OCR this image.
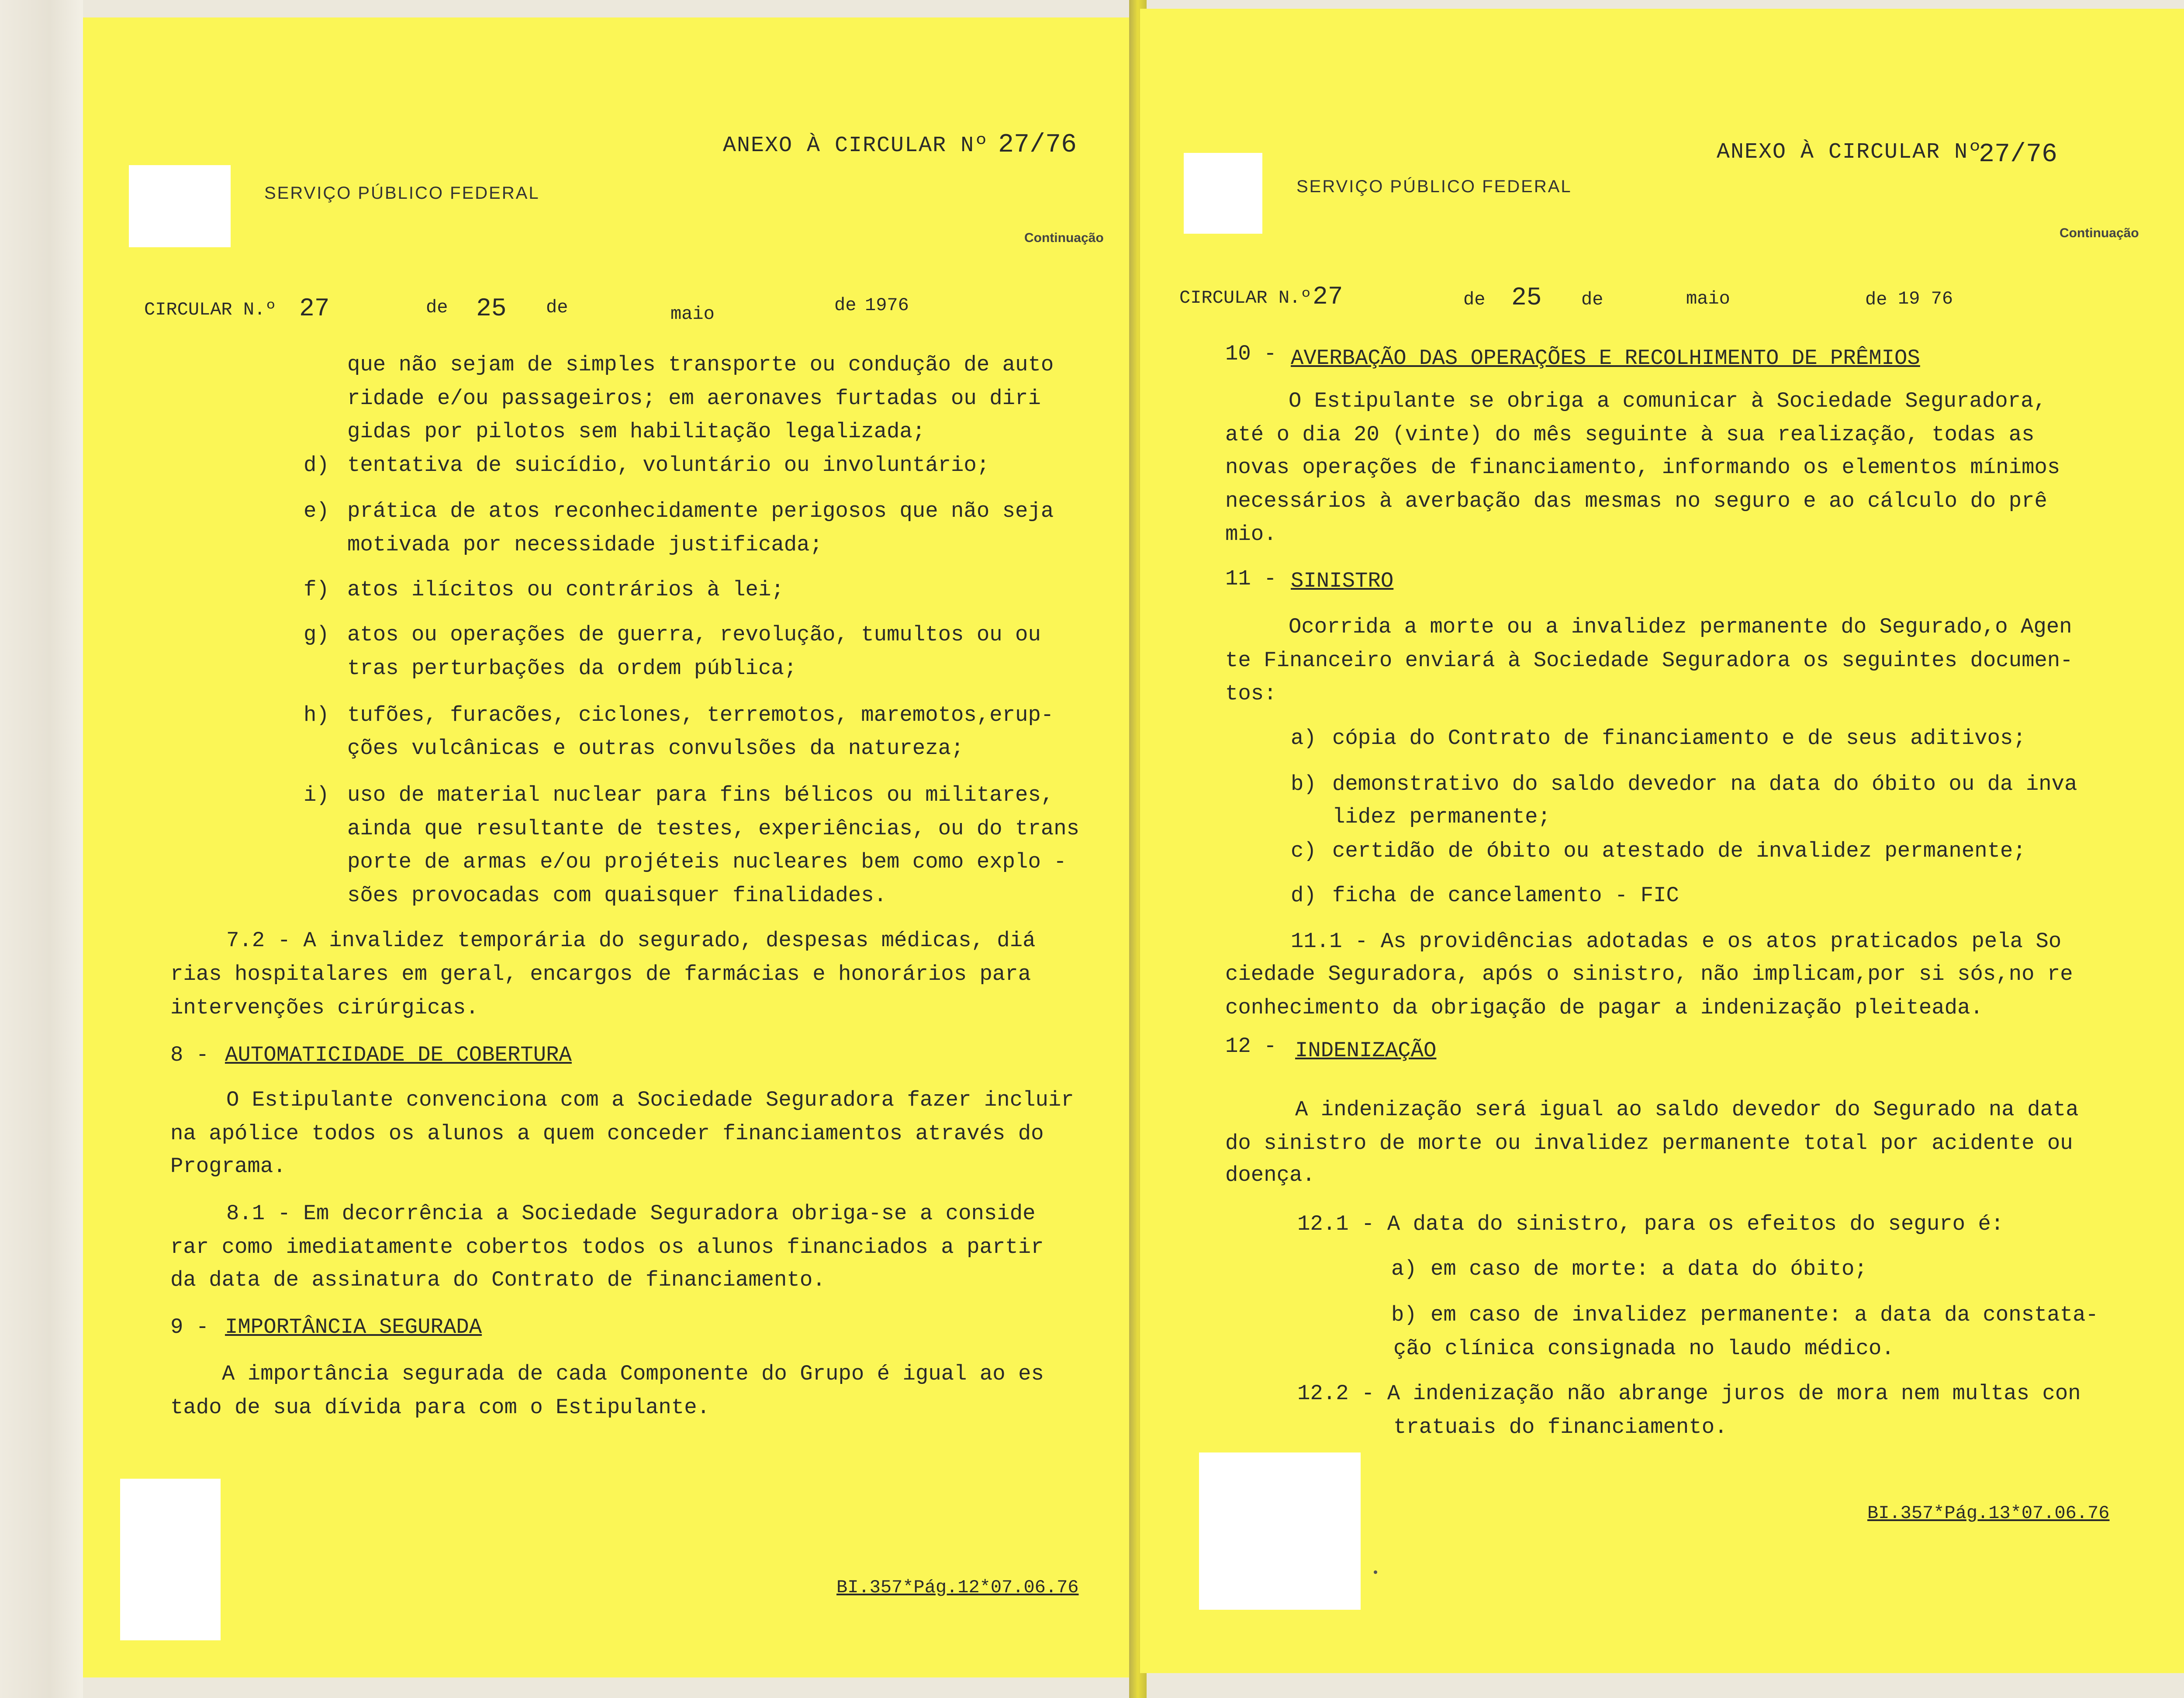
SERVIÇO PÚBLICO FEDERAL
ANEXO À CIRCULAR Nº 27/76
Continuação
CIRCULAR N.º 27	de 25 de	maio	de 1976
que não sejam de simples transporte ou condução de auto
ridade e/ou passageiros; em aeronaves furtadas ou diri
gidas por pilotos sem habilitação legalizada;
d) tentativa de suicídio, voluntário ou involuntário;
e) prática de atos reconhecidamente perigosos que não seja
motivada por necessidade justificada;
f) atos ilícitos ou contrários à lei;
g) atos ou operações de guerra, revolução, tumultos ou ou
tras perturbações da ordem pública;
h) tufões, furacões, ciclones, terremotos, maremotos,erup-
ções vulcânicas e outras convulsões da natureza;
i) uso de material nuclear para fins bélicos ou militares,
ainda que resultante de testes, experiências, ou do trans
porte de armas e/ou projéteis nucleares bem como explo -
sões provocadas com quaisquer finalidades.
7.2 - A invalidez temporária do segurado, despesas médicas, diá
rias hospitalares em geral, encargos de farmácias e honorários para
intervenções cirúrgicas.
8 - AUTOMATICIDADE DE COBERTURA
O Estipulante convenciona com a Sociedade Seguradora fazer incluir
na apólice todos os alunos a quem conceder financiamentos através do
Programa.
8.1 - Em decorrência a Sociedade Seguradora obriga-se a conside
rar como imediatamente cobertos todos os alunos financiados a partir
da data de assinatura do Contrato de financiamento.
9 - IMPORTÂNCIA SEGURADA
A importância segurada de cada Componente do Grupo é igual ao es
tado de sua dívida para com o Estipulante.
BI.357*Pág.12*07.06.76
SERVIÇO PÚBLICO FEDERAL
ANEXO À CIRCULAR Nº
27/76
Continuação
CIRCULAR N.º 27	de 25 de	maio	de 19 76
10 - AVERBAÇÃO DAS OPERAÇÕES E RECOLHIMENTO DE PRÊMIOS
O Estipulante se obriga a comunicar à Sociedade Seguradora,
até o dia 20 (vinte) do mês seguinte à sua realização, todas as
novas operações de financiamento, informando os elementos mínimos
necessários à averbação das mesmas no seguro e ao cálculo do prê
mio.
11 - SINISTRO
Ocorrida a morte ou a invalidez permanente do Segurado,o Agen
te Financeiro enviará à Sociedade Seguradora os seguintes documen-
tos:
a) cópia do Contrato de financiamento e de seus aditivos;
b) demonstrativo do saldo devedor na data do óbito ou da inva
lidez permanente;
c) certidão de óbito ou atestado de invalidez permanente;
d) ficha de cancelamento - FIC
11.1 - As providências adotadas e os atos praticados pela So
ciedade Seguradora, após o sinistro, não implicam,por si sós,no re
conhecimento da obrigação de pagar a indenização pleiteada.
12 - INDENIZAÇÃO
A indenização será igual ao saldo devedor do Segurado na data
do sinistro de morte ou invalidez permanente total por acidente ou
doença.
12.1 - A data do sinistro, para os efeitos do seguro é:
a) em caso de morte: a data do óbito;
b) em caso de invalidez permanente: a data da constata-
ção clínica consignada no laudo médico.
12.2 - A indenização não abrange juros de mora nem multas con
tratuais do financiamento.
BI.357*Pág.13*07.06.76
